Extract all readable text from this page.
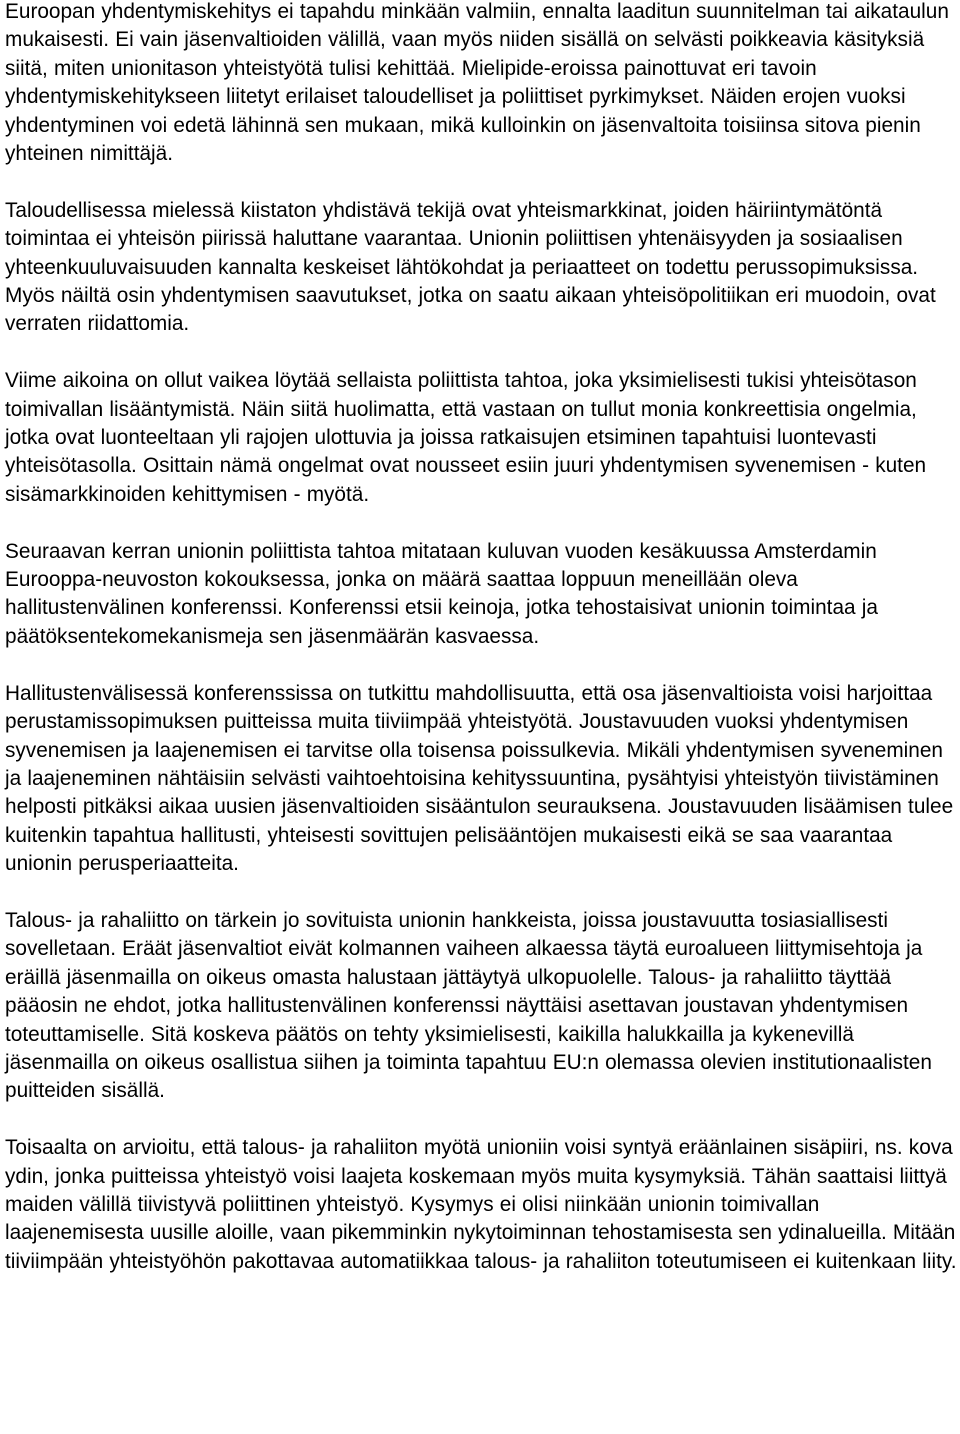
Euroopan yhdentymiskehitys ei tapahdu minkään valmiin, ennalta laaditun suunnitelman tai aikataulun mukaisesti. Ei vain jäsenvaltioiden välillä, vaan myös niiden sisällä on selvästi poikkeavia käsityksiä siitä, miten unionitason yhteistyötä tulisi kehittää. Mielipide-eroissa painottuvat eri tavoin yhdentymiskehitykseen liitetyt erilaiset taloudelliset ja poliittiset pyrkimykset. Näiden erojen vuoksi yhdentyminen voi edetä lähinnä sen mukaan, mikä kulloinkin on jäsenvaltoita toisiinsa sitova pienin yhteinen nimittäjä.

Taloudellisessa mielessä kiistaton yhdistävä tekijä ovat yhteismarkkinat, joiden häiriintymätöntä toimintaa ei yhteisön piirissä haluttane vaarantaa. Unionin poliittisen yhtenäisyyden ja sosiaalisen yhteenkuuluvaisuuden kannalta keskeiset lähtökohdat ja periaatteet on todettu perussopimuksissa. Myös näiltä osin yhdentymisen saavutukset, jotka on saatu aikaan yhteisöpolitiikan eri muodoin, ovat verraten riidattomia.

Viime aikoina on ollut vaikea löytää sellaista poliittista tahtoa, joka yksimielisesti tukisi yhteisötason toimivallan lisääntymistä. Näin siitä huolimatta, että vastaan on tullut monia konkreettisia ongelmia, jotka ovat luonteeltaan yli rajojen ulottuvia ja joissa ratkaisujen etsiminen tapahtuisi luontevasti yhteisötasolla. Osittain nämä ongelmat ovat nousseet esiin juuri yhdentymisen syvenemisen - kuten sisämarkkinoiden kehittymisen - myötä.

Seuraavan kerran unionin poliittista tahtoa mitataan kuluvan vuoden kesäkuussa Amsterdamin Eurooppa-neuvoston kokouksessa, jonka on määrä saattaa loppuun meneillään oleva hallitustenvälinen konferenssi. Konferenssi etsii keinoja, jotka tehostaisivat unionin toimintaa ja päätöksentekomekanismeja sen jäsenmäärän kasvaessa.

Hallitustenvälisessä konferenssissa on tutkittu mahdollisuutta, että osa jäsenvaltioista voisi harjoittaa perustamissopimuksen puitteissa muita tiiviimpää yhteistyötä. Joustavuuden vuoksi yhdentymisen syvenemisen ja laajenemisen ei tarvitse olla toisensa poissulkevia. Mikäli yhdentymisen syveneminen ja laajeneminen nähtäisiin selvästi vaihtoehtoisina kehityssuuntina, pysähtyisi yhteistyön tiivistäminen helposti pitkäksi aikaa uusien jäsenvaltioiden sisääntulon seurauksena. Joustavuuden lisäämisen tulee kuitenkin tapahtua hallitusti, yhteisesti sovittujen pelisääntöjen mukaisesti eikä se saa vaarantaa unionin perusperiaatteita.

Talous- ja rahaliitto on tärkein jo sovituista unionin hankkeista, joissa joustavuutta tosiasiallisesti sovelletaan. Eräät jäsenvaltiot eivät kolmannen vaiheen alkaessa täytä euroalueen liittymisehtoja ja eräillä jäsenmailla on oikeus omasta halustaan jättäytyä ulkopuolelle. Talous- ja rahaliitto täyttää pääosin ne ehdot, jotka hallitustenvälinen konferenssi näyttäisi asettavan joustavan yhdentymisen toteuttamiselle. Sitä koskeva päätös on tehty yksimielisesti, kaikilla halukkailla ja kykenevillä jäsenmailla on oikeus osallistua siihen ja toiminta tapahtuu EU:n olemassa olevien institutionaalisten puitteiden sisällä.

Toisaalta on arvioitu, että talous- ja rahaliiton myötä unioniin voisi syntyä eräänlainen sisäpiiri, ns. kova ydin, jonka puitteissa yhteistyö voisi laajeta koskemaan myös muita kysymyksiä. Tähän saattaisi liittyä maiden välillä tiivistyvä poliittinen yhteistyö. Kysymys ei olisi niinkään unionin toimivallan laajenemisesta uusille aloille, vaan pikemminkin nykytoiminnan tehostamisesta sen ydinalueilla. Mitään tiiviimpään yhteistyöhön pakottavaa automatiikkaa talous- ja rahaliiton toteutumiseen ei kuitenkaan liity.
